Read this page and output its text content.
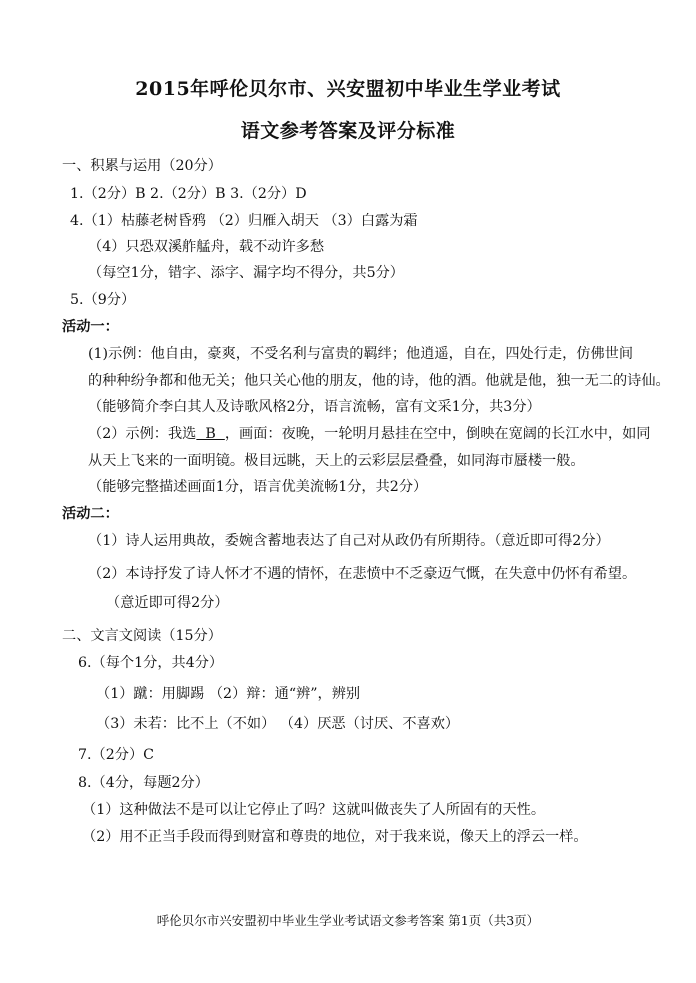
2015年呼伦贝尔市、兴安盟初中毕业生学业考试
语文参考答案及评分标准
一、积累与运用（20分）
1.（2分）B 2.（2分）B 3.（2分）D
4.（1）枯藤老树昏鸦 （2）归雁入胡天 （3）白露为霜
（4）只恐双溪舴艋舟，载不动许多愁
（每空1分，错字、添字、漏字均不得分，共5分）
5.（9分）
活动一：
(1)示例：他自由，豪爽，不受名利与富贵的羁绊；他逍遥，自在，四处行走，仿佛世间
的种种纷争都和他无关；他只关心他的朋友，他的诗，他的酒。他就是他，独一无二的诗仙。
（能够简介李白其人及诗歌风格2分，语言流畅，富有文采1分，共3分）
（2）示例：我选  B  ，画面：夜晚，一轮明月悬挂在空中，倒映在宽阔的长江水中，如同
从天上飞来的一面明镜。极目远眺，天上的云彩层层叠叠，如同海市蜃楼一般。
（能够完整描述画面1分，语言优美流畅1分，共2分）
活动二：
（1）诗人运用典故，委婉含蓄地表达了自己对从政仍有所期待。（意近即可得2分）
（2）本诗抒发了诗人怀才不遇的情怀，在悲愤中不乏豪迈气慨，在失意中仍怀有希望。
（意近即可得2分）
二、文言文阅读（15分）
6.（每个1分，共4分）
（1）蹴：用脚踢 （2）辩：通“辨”，辨别
（3）未若：比不上（不如） （4）厌恶（讨厌、不喜欢）
7.（2分）C
8.（4分，每题2分）
（1）这种做法不是可以让它停止了吗？这就叫做丧失了人所固有的天性。
（2）用不正当手段而得到财富和尊贵的地位，对于我来说，像天上的浮云一样。
呼伦贝尔市兴安盟初中毕业生学业考试语文参考答案 第1页（共3页）
